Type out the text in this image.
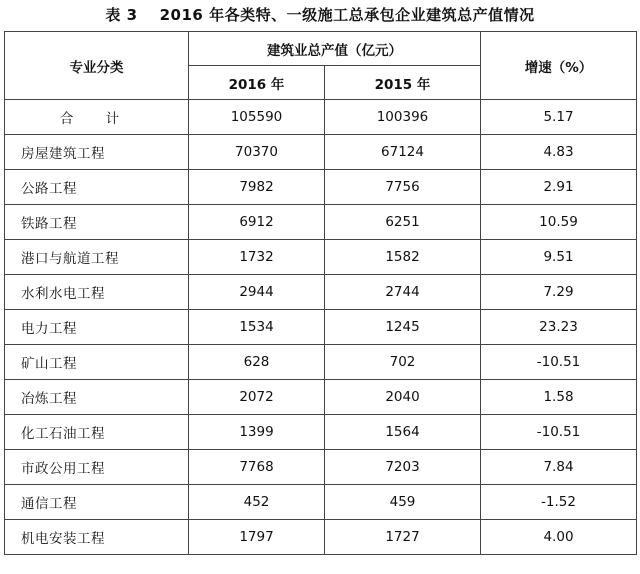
表 3 2016 年各类特、一级施工总承包企业建筑总产值情况
专业分类	建筑业总产值（亿元）		增速（%）
	2016 年	2015 年	
合 计	105590	100396	5.17
房屋建筑工程	70370	67124	4.83
公路工程	7982	7756	2.91
铁路工程	6912	6251	10.59
港口与航道工程	1732	1582	9.51
水利水电工程	2944	2744	7.29
电力工程	1534	1245	23.23
矿山工程	628	702	-10.51
冶炼工程	2072	2040	1.58
化工石油工程	1399	1564	-10.51
市政公用工程	7768	7203	7.84
通信工程	452	459	-1.52
机电安装工程	1797	1727	4.00
